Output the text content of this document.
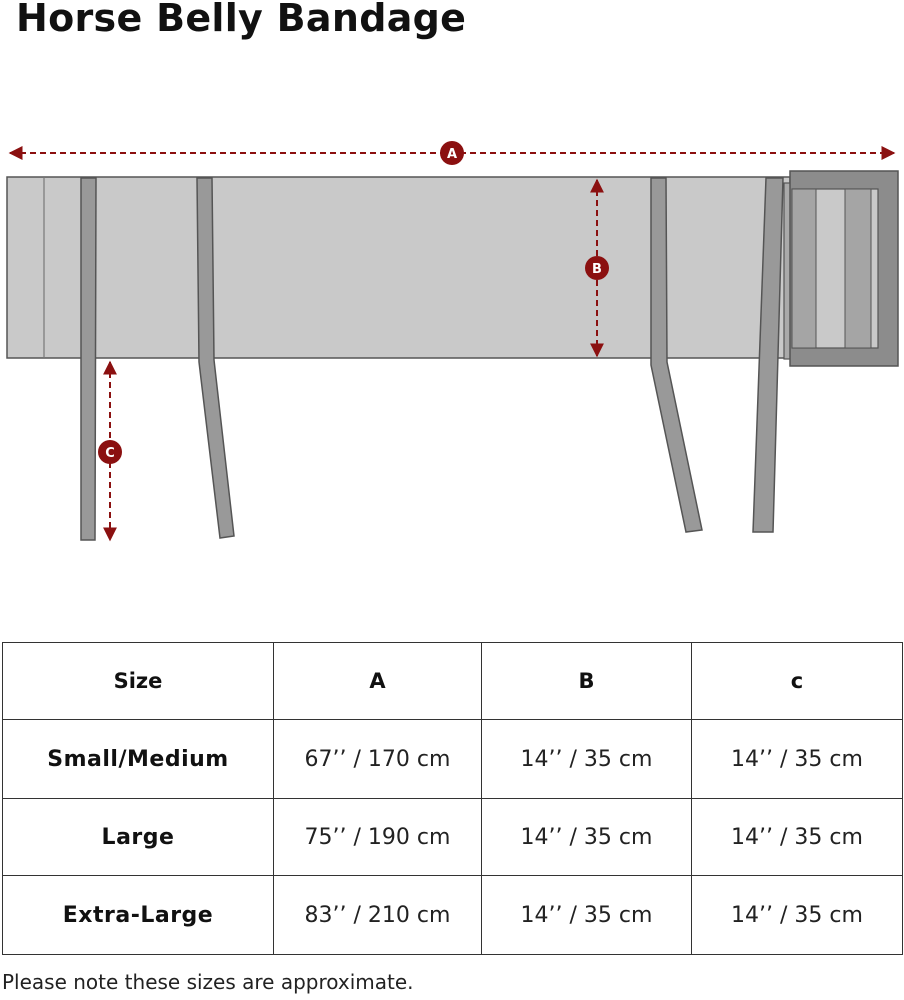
Horse Belly Bandage
A
B
C
Size	A	B	c
Small/Medium	67’’ / 170 cm	14’’ / 35 cm	14’’ / 35 cm
Large	75’’ / 190 cm	14’’ / 35 cm	14’’ / 35 cm
Extra-Large	83’’ / 210 cm	14’’ / 35 cm	14’’ / 35 cm

Please note these sizes are approximate.
